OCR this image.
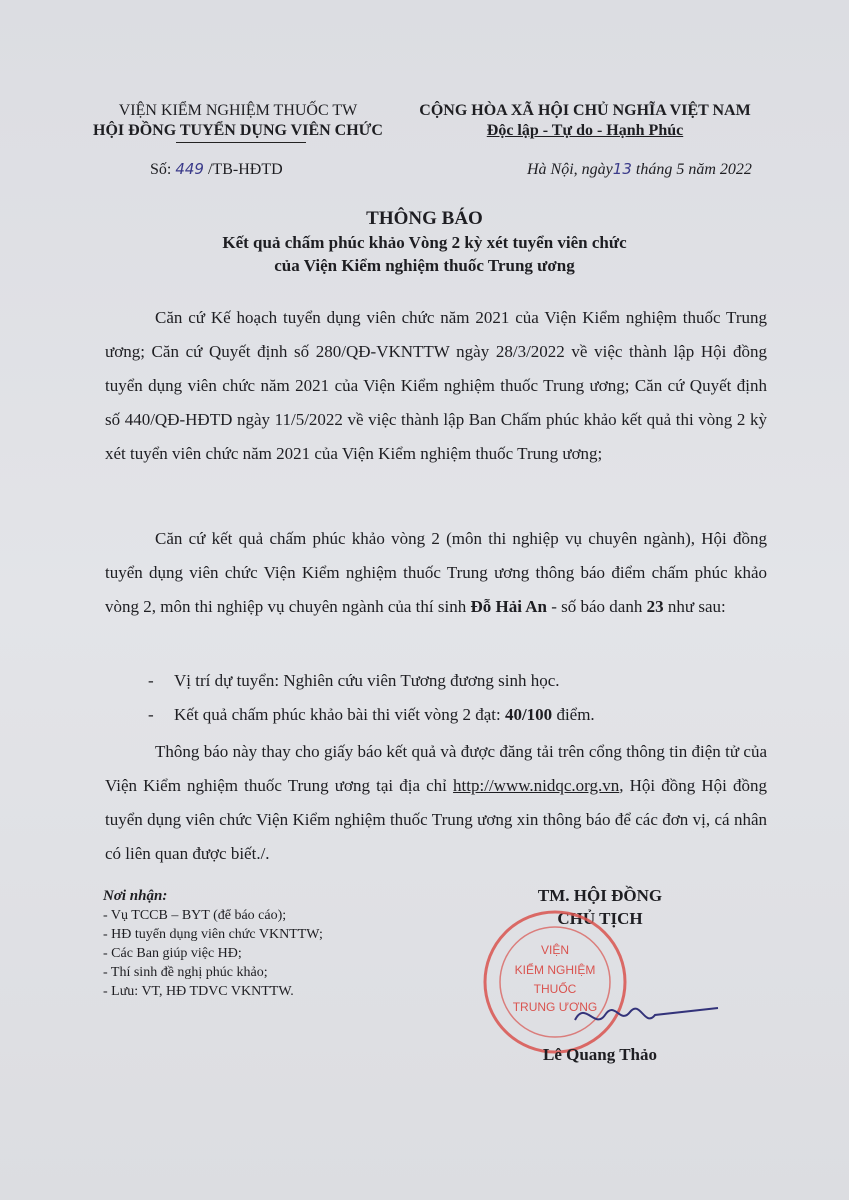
VIỆN KIỂM NGHIỆM THUỐC TW
HỘI ĐỒNG TUYỂN DỤNG VIÊN CHỨC
CỘNG HÒA XÃ HỘI CHỦ NGHĨA VIỆT NAM
Độc lập - Tự do - Hạnh Phúc
Số: 449 /TB-HĐTD	Hà Nội, ngày13 tháng 5 năm 2022
THÔNG BÁO
Kết quả chấm phúc khảo Vòng 2 kỳ xét tuyển viên chức
của Viện Kiểm nghiệm thuốc Trung ương

Căn cứ Kế hoạch tuyển dụng viên chức năm 2021 của Viện Kiểm nghiệm thuốc Trung ương; Căn cứ Quyết định số 280/QĐ-VKNTTW ngày 28/3/2022 về việc thành lập Hội đồng tuyển dụng viên chức năm 2021 của Viện Kiểm nghiệm thuốc Trung ương; Căn cứ Quyết định số 440/QĐ-HĐTD ngày 11/5/2022 về việc thành lập Ban Chấm phúc khảo kết quả thi vòng 2 kỳ xét tuyển viên chức năm 2021 của Viện Kiểm nghiệm thuốc Trung ương;

Căn cứ kết quả chấm phúc khảo vòng 2 (môn thi nghiệp vụ chuyên ngành), Hội đồng tuyển dụng viên chức Viện Kiểm nghiệm thuốc Trung ương thông báo điểm chấm phúc khảo vòng 2, môn thi nghiệp vụ chuyên ngành của thí sinh Đỗ Hải An - số báo danh 23 như sau:

- Vị trí dự tuyển: Nghiên cứu viên Tương đương sinh học.
- Kết quả chấm phúc khảo bài thi viết vòng 2 đạt: 40/100 điểm.

Thông báo này thay cho giấy báo kết quả và được đăng tải trên cổng thông tin điện tử của Viện Kiểm nghiệm thuốc Trung ương tại địa chỉ http://www.nidqc.org.vn, Hội đồng Hội đồng tuyển dụng viên chức Viện Kiểm nghiệm thuốc Trung ương xin thông báo để các đơn vị, cá nhân có liên quan được biết./.

Nơi nhận:
- Vụ TCCB – BYT (để báo cáo);
- HĐ tuyển dụng viên chức VKNTTW;
- Các Ban giúp việc HĐ;
- Thí sinh đề nghị phúc khảo;
- Lưu: VT, HĐ TDVC VKNTTW.
TM. HỘI ĐỒNG
CHỦ TỊCH
VIỆN
KIỂM NGHIỆM
THUỐC
TRUNG ƯƠNG
Lê Quang Thảo
